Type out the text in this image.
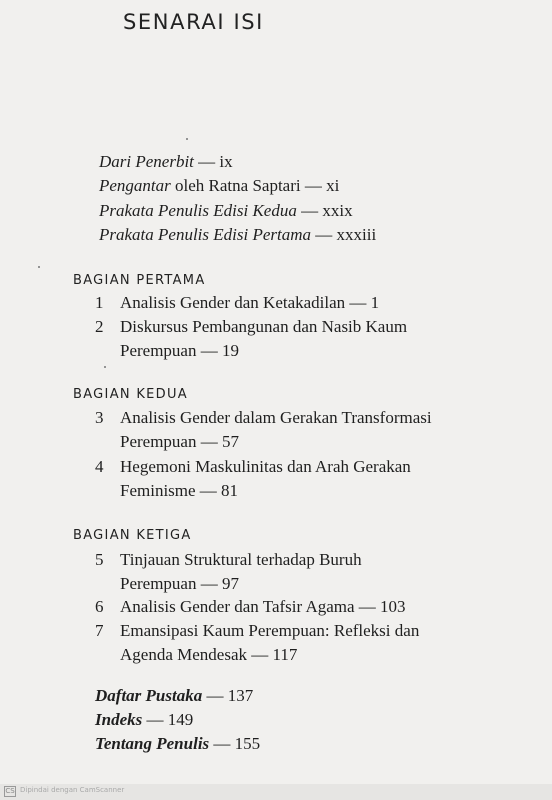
SENARAI ISI
Dari Penerbit — ix
Pengantar oleh Ratna Saptari — xi
Prakata Penulis Edisi Kedua — xxix
Prakata Penulis Edisi Pertama — xxxiii
BAGIAN PERTAMA
1 Analisis Gender dan Ketakadilan — 1
2 Diskursus Pembangunan dan Nasib Kaum
Perempuan — 19
BAGIAN KEDUA
3 Analisis Gender dalam Gerakan Transformasi
Perempuan — 57
4 Hegemoni Maskulinitas dan Arah Gerakan
Feminisme — 81
BAGIAN KETIGA
5 Tinjauan Struktural terhadap Buruh
Perempuan — 97
6 Analisis Gender dan Tafsir Agama — 103
7 Emansipasi Kaum Perempuan: Refleksi dan
Agenda Mendesak — 117
Daftar Pustaka — 137
Indeks — 149
Tentang Penulis — 155
CS Dipindai dengan CamScanner
